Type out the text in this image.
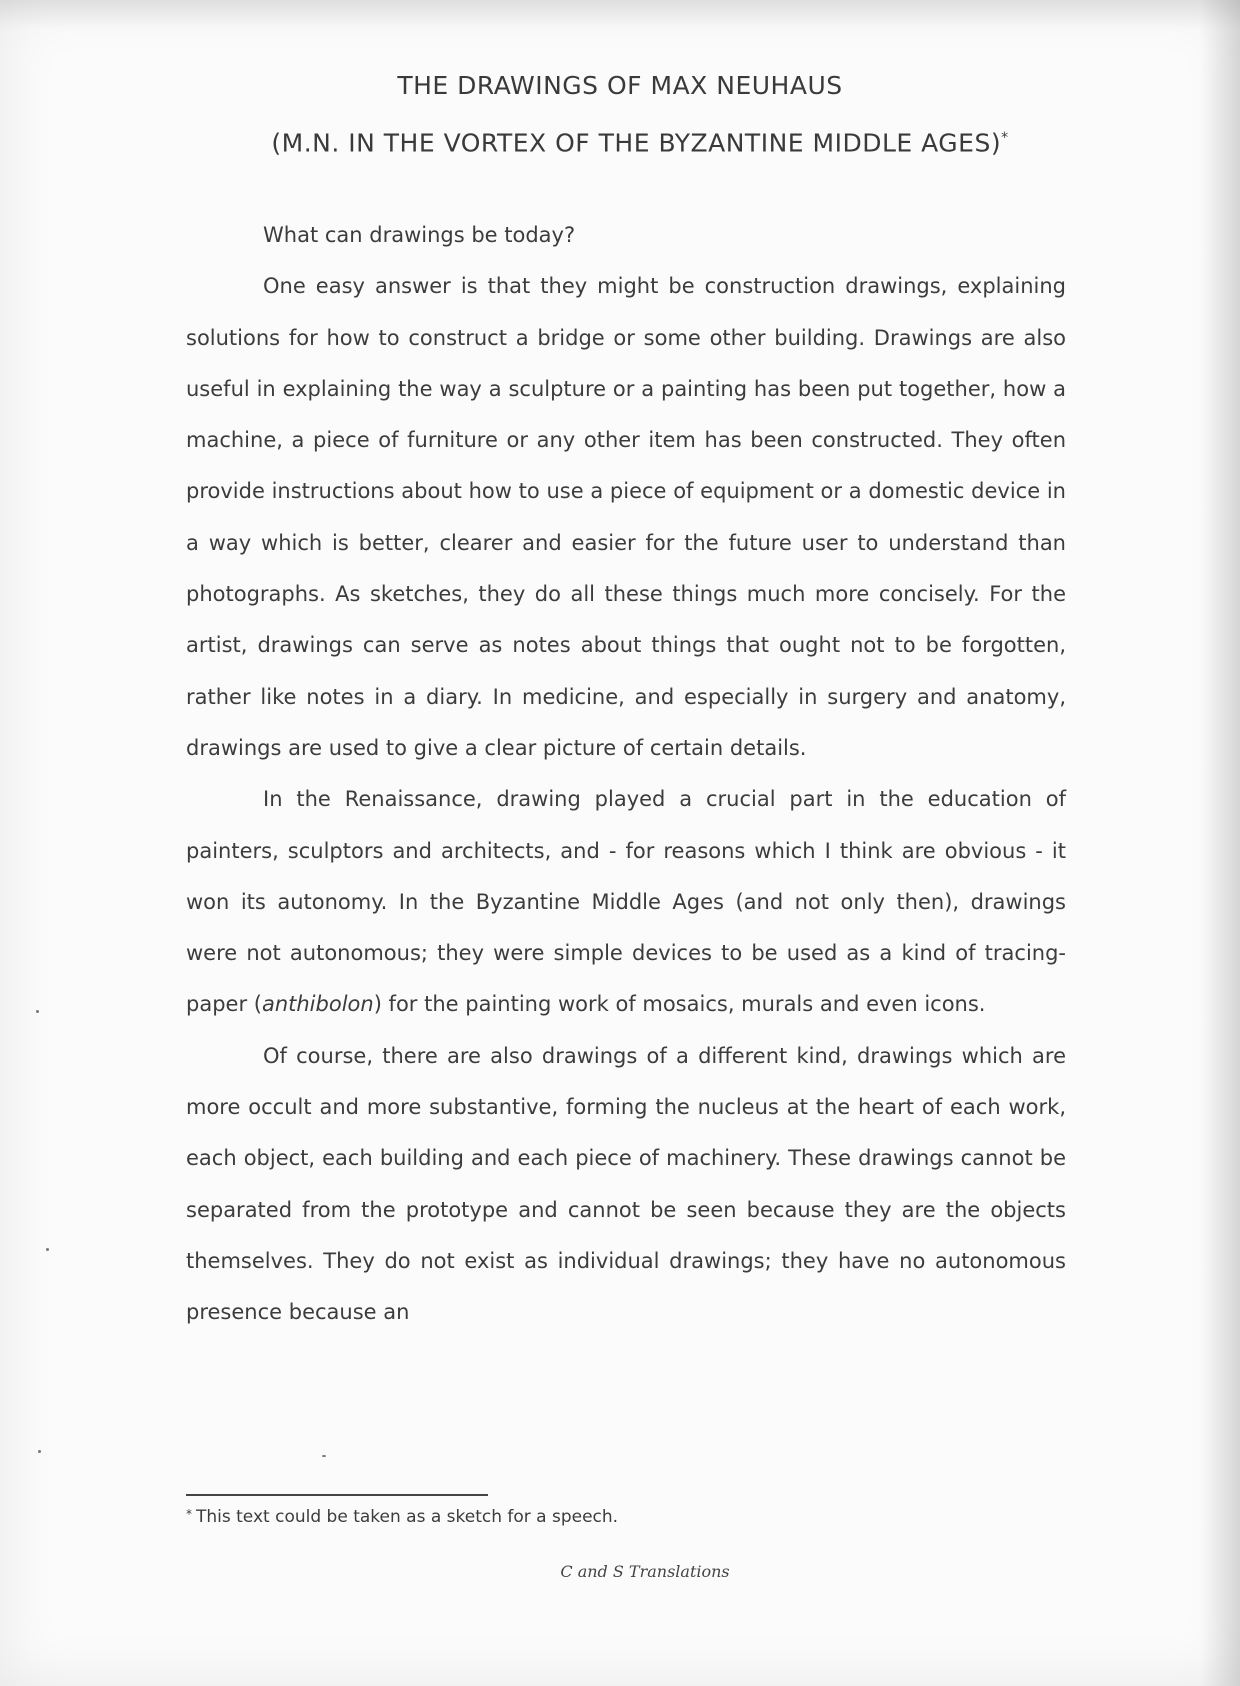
THE DRAWINGS OF MAX NEUHAUS

(M.N. IN THE VORTEX OF THE BYZANTINE MIDDLE AGES)*

What can drawings be today?

One easy answer is that they might be construction drawings, explaining solutions for how to construct a bridge or some other building. Drawings are also useful in explaining the way a sculpture or a painting has been put together, how a machine, a piece of furniture or any other item has been constructed. They often provide instructions about how to use a piece of equipment or a domestic device in a way which is better, clearer and easier for the future user to understand than photographs. As sketches, they do all these things much more concisely. For the artist, drawings can serve as notes about things that ought not to be forgotten, rather like notes in a diary. In medicine, and especially in surgery and anatomy, drawings are used to give a clear picture of certain details.

In the Renaissance, drawing played a crucial part in the education of painters, sculptors and architects, and - for reasons which I think are obvious - it won its autonomy. In the Byzantine Middle Ages (and not only then), drawings were not autonomous; they were simple devices to be used as a kind of tracing-paper (anthibolon) for the painting work of mosaics, murals and even icons.

Of course, there are also drawings of a different kind, drawings which are more occult and more substantive, forming the nucleus at the heart of each work, each object, each building and each piece of machinery. These drawings cannot be separated from the prototype and cannot be seen because they are the objects themselves. They do not exist as individual drawings; they have no autonomous presence because an

* This text could be taken as a sketch for a speech.
C and S Translations
